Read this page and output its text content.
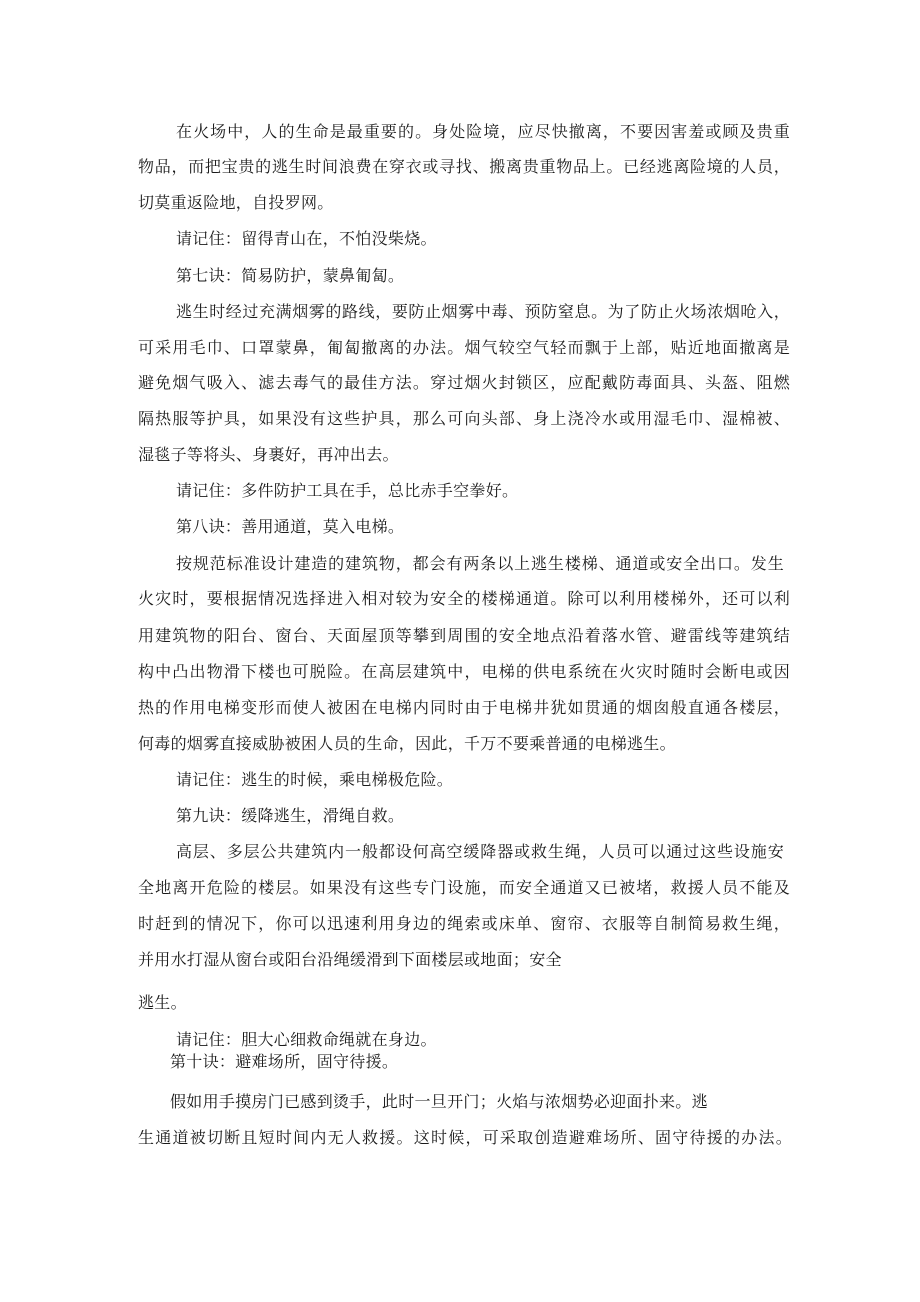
在火场中，人的生命是最重要的。身处险境，应尽快撤离，不要因害羞或顾及贵重
物品，而把宝贵的逃生时间浪费在穿衣或寻找、搬离贵重物品上。已经逃离险境的人员，
切莫重返险地，自投罗网。
请记住：留得青山在，不怕没柴烧。
第七诀：简易防护，蒙鼻匍匐。
逃生时经过充满烟雾的路线，要防止烟雾中毒、预防窒息。为了防止火场浓烟呛入，
可采用毛巾、口罩蒙鼻，匍匐撤离的办法。烟气较空气轻而飘于上部，贴近地面撤离是
避免烟气吸入、滤去毒气的最佳方法。穿过烟火封锁区，应配戴防毒面具、头盔、阻燃
隔热服等护具，如果没有这些护具，那么可向头部、身上浇冷水或用湿毛巾、湿棉被、
湿毯子等将头、身裹好，再冲出去。
请记住：多件防护工具在手，总比赤手空拳好。
第八诀：善用通道，莫入电梯。
按规范标准设计建造的建筑物，都会有两条以上逃生楼梯、通道或安全出口。发生
火灾时，要根据情况选择进入相对较为安全的楼梯通道。除可以利用楼梯外，还可以利
用建筑物的阳台、窗台、天面屋顶等攀到周围的安全地点沿着落水管、避雷线等建筑结
构中凸出物滑下楼也可脱险。在高层建筑中，电梯的供电系统在火灾时随时会断电或因
热的作用电梯变形而使人被困在电梯内同时由于电梯井犹如贯通的烟囱般直通各楼层，
何毒的烟雾直接威胁被困人员的生命，因此，千万不要乘普通的电梯逃生。
请记住：逃生的时候，乘电梯极危险。
第九诀：缓降逃生，滑绳自救。
高层、多层公共建筑内一般都设何高空缓降器或救生绳，人员可以通过这些设施安
全地离开危险的楼层。如果没有这些专门设施，而安全通道又已被堵，救援人员不能及
时赶到的情况下，你可以迅速利用身边的绳索或床单、窗帘、衣服等自制简易救生绳，
并用水打湿从窗台或阳台沿绳缓滑到下面楼层或地面；安全
逃生。
请记住：胆大心细救命绳就在身边。
第十诀：避难场所，固守待援。
假如用手摸房门已感到烫手，此时一旦开门；火焰与浓烟势必迎面扑来。逃
生通道被切断且短时间内无人救援。这时候，可采取创造避难场所、固守待援的办法。
